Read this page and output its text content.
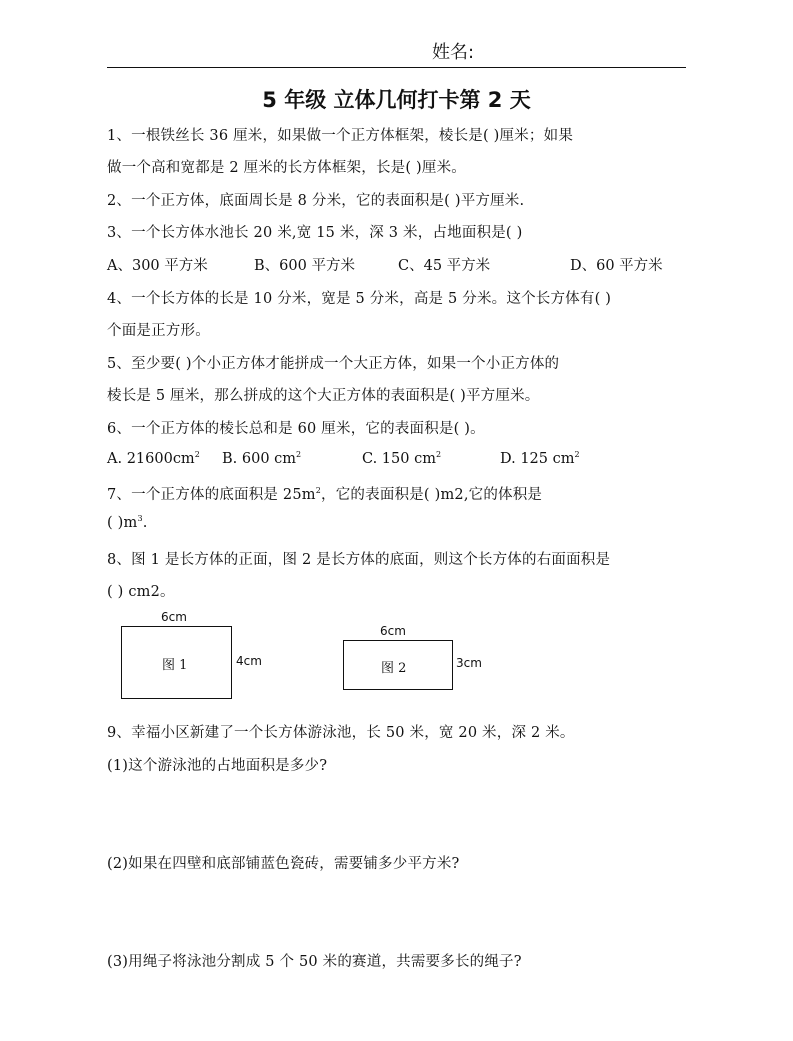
姓名:
5 年级 立体几何打卡第 2 天
1、一根铁丝长 36 厘米，如果做一个正方体框架，棱长是( )厘米；如果
做一个高和宽都是 2 厘米的长方体框架，长是( )厘米。
2、一个正方体，底面周长是 8 分米，它的表面积是( )平方厘米.
3、一个长方体水池长 20 米,宽 15 米，深 3 米，占地面积是( )
A、300 平方米	B、600 平方米	C、45 平方米	D、60 平方米
4、一个长方体的长是 10 分米，宽是 5 分米，高是 5 分米。这个长方体有( )
个面是正方形。
5、至少要( )个小正方体才能拼成一个大正方体，如果一个小正方体的
棱长是 5 厘米，那么拼成的这个大正方体的表面积是( )平方厘米。
6、一个正方体的棱长总和是 60 厘米，它的表面积是( )。
A. $21600cm^2$ B. 600 $cm^2$	C. 150 $cm^2$	D. 125 $cm^2$
7、一个正方体的底面积是 $25m^2$，它的表面积是( )m2,它的体积是
( )$m^3$.
8、图 1 是长方体的正面，图 2 是长方体的底面，则这个长方体的右面面积是
( ) cm2。
6cm
图 1	4cm
6cm
图 2	3cm
9、幸福小区新建了一个长方体游泳池，长 50 米，宽 20 米，深 2 米。
(1)这个游泳池的占地面积是多少?
(2)如果在四壁和底部铺蓝色瓷砖，需要铺多少平方米?
(3)用绳子将泳池分割成 5 个 50 米的赛道，共需要多长的绳子?
